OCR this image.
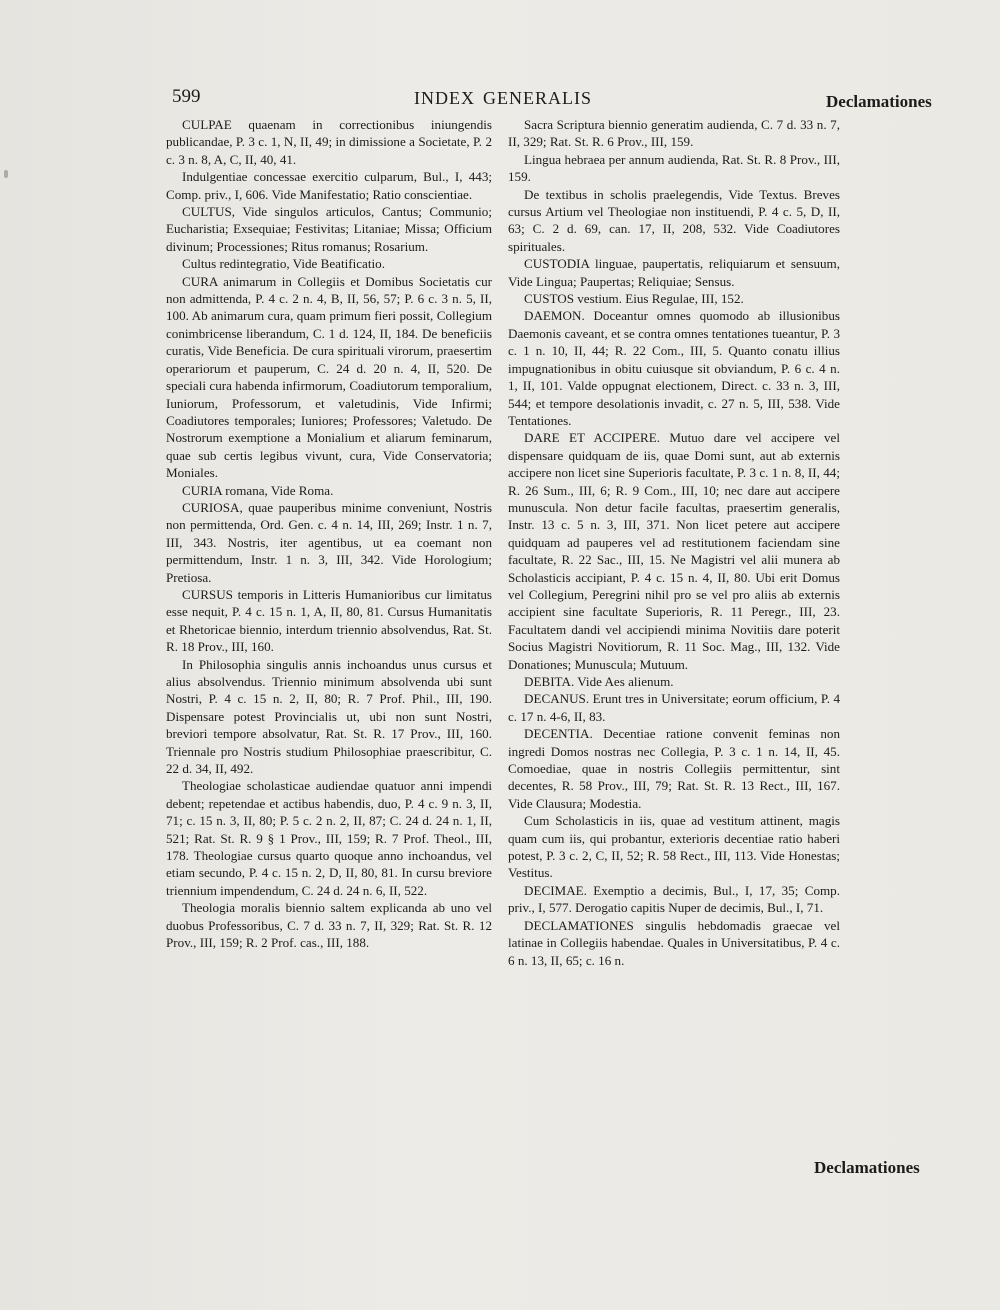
599	INDEX GENERALIS	Declamationes

CULPAE quaenam in correctionibus iniungendis publicandae, P. 3 c. 1, N, II, 49; in dimissione a Societate, P. 2 c. 3 n. 8, A, C, II, 40, 41.

Indulgentiae concessae exercitio culparum, Bul., I, 443; Comp. priv., I, 606. Vide Manifestatio; Ratio conscientiae.

CULTUS, Vide singulos articulos, Cantus; Communio; Eucharistia; Exsequiae; Festivitas; Litaniae; Missa; Officium divinum; Processiones; Ritus romanus; Rosarium.

Cultus redintegratio, Vide Beatificatio.

CURA animarum in Collegiis et Domibus Societatis cur non admittenda, P. 4 c. 2 n. 4, B, II, 56, 57; P. 6 c. 3 n. 5, II, 100. Ab animarum cura, quam primum fieri possit, Collegium conimbricense liberandum, C. 1 d. 124, II, 184. De beneficiis curatis, Vide Beneficia. De cura spirituali virorum, praesertim operariorum et pauperum, C. 24 d. 20 n. 4, II, 520. De speciali cura habenda infirmorum, Coadiutorum temporalium, Iuniorum, Professorum, et valetudinis, Vide Infirmi; Coadiutores temporales; Iuniores; Professores; Valetudo. De Nostrorum exemptione a Monialium et aliarum feminarum, quae sub certis legibus vivunt, cura, Vide Conservatoria; Moniales.

CURIA romana, Vide Roma.

CURIOSA, quae pauperibus minime conveniunt, Nostris non permittenda, Ord. Gen. c. 4 n. 14, III, 269; Instr. 1 n. 7, III, 343. Nostris, iter agentibus, ut ea coemant non permittendum, Instr. 1 n. 3, III, 342. Vide Horologium; Pretiosa.

CURSUS temporis in Litteris Humanioribus cur limitatus esse nequit, P. 4 c. 15 n. 1, A, II, 80, 81. Cursus Humanitatis et Rhetoricae biennio, interdum triennio absolvendus, Rat. St. R. 18 Prov., III, 160.

In Philosophia singulis annis inchoandus unus cursus et alius absolvendus. Triennio minimum absolvenda ubi sunt Nostri, P. 4 c. 15 n. 2, II, 80; R. 7 Prof. Phil., III, 190. Dispensare potest Provincialis ut, ubi non sunt Nostri, breviori tempore absolvatur, Rat. St. R. 17 Prov., III, 160. Triennale pro Nostris studium Philosophiae praescribitur, C. 22 d. 34, II, 492.

Theologiae scholasticae audiendae quatuor anni impendi debent; repetendae et actibus habendis, duo, P. 4 c. 9 n. 3, II, 71; c. 15 n. 3, II, 80; P. 5 c. 2 n. 2, II, 87; C. 24 d. 24 n. 1, II, 521; Rat. St. R. 9 § 1 Prov., III, 159; R. 7 Prof. Theol., III, 178. Theologiae cursus quarto quoque anno inchoandus, vel etiam secundo, P. 4 c. 15 n. 2, D, II, 80, 81. In cursu breviore triennium impendendum, C. 24 d. 24 n. 6, II, 522.

Theologia moralis biennio saltem explicanda ab uno vel duobus Professoribus, C. 7 d. 33 n. 7, II, 329; Rat. St. R. 12 Prov., III, 159; R. 2 Prof. cas., III, 188.

Sacra Scriptura biennio generatim audienda, C. 7 d. 33 n. 7, II, 329; Rat. St. R. 6 Prov., III, 159.

Lingua hebraea per annum audienda, Rat. St. R. 8 Prov., III, 159.

De textibus in scholis praelegendis, Vide Textus. Breves cursus Artium vel Theologiae non instituendi, P. 4 c. 5, D, II, 63; C. 2 d. 69, can. 17, II, 208, 532. Vide Coadiutores spirituales.

CUSTODIA linguae, paupertatis, reliquiarum et sensuum, Vide Lingua; Paupertas; Reliquiae; Sensus.

CUSTOS vestium. Eius Regulae, III, 152.

DAEMON. Doceantur omnes quomodo ab illusionibus Daemonis caveant, et se contra omnes tentationes tueantur, P. 3 c. 1 n. 10, II, 44; R. 22 Com., III, 5. Quanto conatu illius impugnationibus in obitu cuiusque sit obviandum, P. 6 c. 4 n. 1, II, 101. Valde oppugnat electionem, Direct. c. 33 n. 3, III, 544; et tempore desolationis invadit, c. 27 n. 5, III, 538. Vide Tentationes.

DARE ET ACCIPERE. Mutuo dare vel accipere vel dispensare quidquam de iis, quae Domi sunt, aut ab externis accipere non licet sine Superioris facultate, P. 3 c. 1 n. 8, II, 44; R. 26 Sum., III, 6; R. 9 Com., III, 10; nec dare aut accipere munuscula. Non detur facile facultas, praesertim generalis, Instr. 13 c. 5 n. 3, III, 371. Non licet petere aut accipere quidquam ad pauperes vel ad restitutionem faciendam sine facultate, R. 22 Sac., III, 15. Ne Magistri vel alii munera ab Scholasticis accipiant, P. 4 c. 15 n. 4, II, 80. Ubi erit Domus vel Collegium, Peregrini nihil pro se vel pro aliis ab externis accipient sine facultate Superioris, R. 11 Peregr., III, 23. Facultatem dandi vel accipiendi minima Novitiis dare poterit Socius Magistri Novitiorum, R. 11 Soc. Mag., III, 132. Vide Donationes; Munuscula; Mutuum.

DEBITA. Vide Aes alienum.

DECANUS. Erunt tres in Universitate; eorum officium, P. 4 c. 17 n. 4-6, II, 83.

DECENTIA. Decentiae ratione convenit feminas non ingredi Domos nostras nec Collegia, P. 3 c. 1 n. 14, II, 45. Comoediae, quae in nostris Collegiis permittentur, sint decentes, R. 58 Prov., III, 79; Rat. St. R. 13 Rect., III, 167. Vide Clausura; Modestia.

Cum Scholasticis in iis, quae ad vestitum attinent, magis quam cum iis, qui probantur, exterioris decentiae ratio haberi potest, P. 3 c. 2, C, II, 52; R. 58 Rect., III, 113. Vide Honestas; Vestitus.

DECIMAE. Exemptio a decimis, Bul., I, 17, 35; Comp. priv., I, 577. Derogatio capitis Nuper de decimis, Bul., I, 71.

DECLAMATIONES singulis hebdomadis graecae vel latinae in Collegiis habendae. Quales in Universitatibus, P. 4 c. 6 n. 13, II, 65; c. 16 n.

Declamationes
